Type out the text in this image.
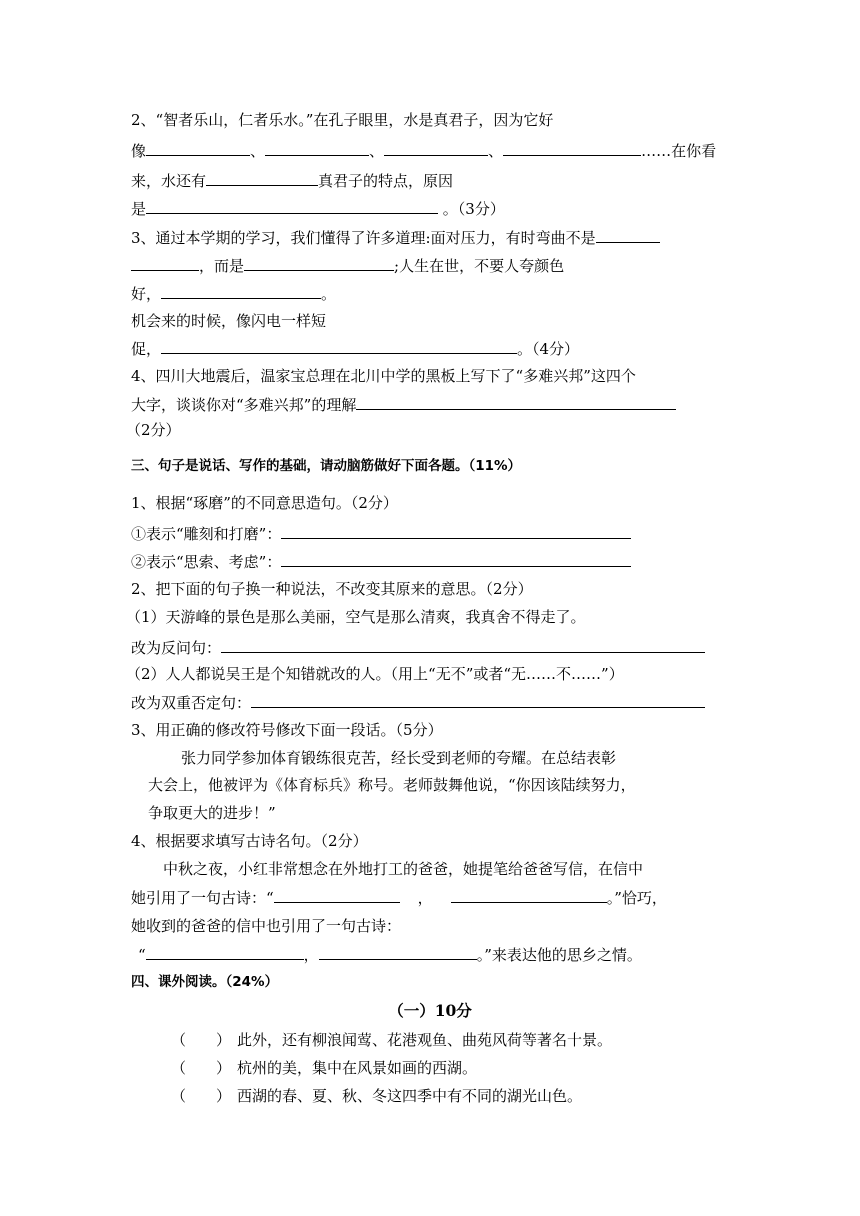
2、“智者乐山，仁者乐水。”在孔子眼里，水是真君子，因为它好
像	、	、	、	……在你看
来，水还有	真君子的特点，原因
是	。（3分）
3、通过本学期的学习，我们懂得了许多道理:面对压力，有时弯曲不是
，而是	;人生在世，不要人夸颜色
好，	。
机会来的时候，像闪电一样短
促，	。（4分）
4、四川大地震后，温家宝总理在北川中学的黑板上写下了“多难兴邦”这四个
大字，谈谈你对“多难兴邦”的理解
（2分）
三、句子是说话、写作的基础，请动脑筋做好下面各题。（11%）
1、根据“琢磨”的不同意思造句。（2分）
①表示“雕刻和打磨”：
②表示“思索、考虑”：
2、把下面的句子换一种说法，不改变其原来的意思。（2分）
（1）天游峰的景色是那么美丽，空气是那么清爽，我真舍不得走了。
改为反问句：
（2）人人都说吴王是个知错就改的人。（用上“无不”或者“无……不……”）
改为双重否定句：
3、用正确的修改符号修改下面一段话。（5分）
张力同学参加体育锻练很克苦，经长受到老师的夸耀。在总结表彰
大会上，他被评为《体育标兵》称号。老师鼓舞他说，“你因该陆续努力，
争取更大的进步！”
4、根据要求填写古诗名句。（2分）
中秋之夜，小红非常想念在外地打工的爸爸，她提笔给爸爸写信，在信中
她引用了一句古诗：“	，	。”恰巧，
她收到的爸爸的信中也引用了一句古诗：
“	，	。”来表达他的思乡之情。
四、课外阅读。（24%）
（一）10分
（　　） 此外，还有柳浪闻莺、花港观鱼、曲苑风荷等著名十景。
（　　） 杭州的美，集中在风景如画的西湖。
（　　） 西湖的春、夏、秋、冬这四季中有不同的湖光山色。
